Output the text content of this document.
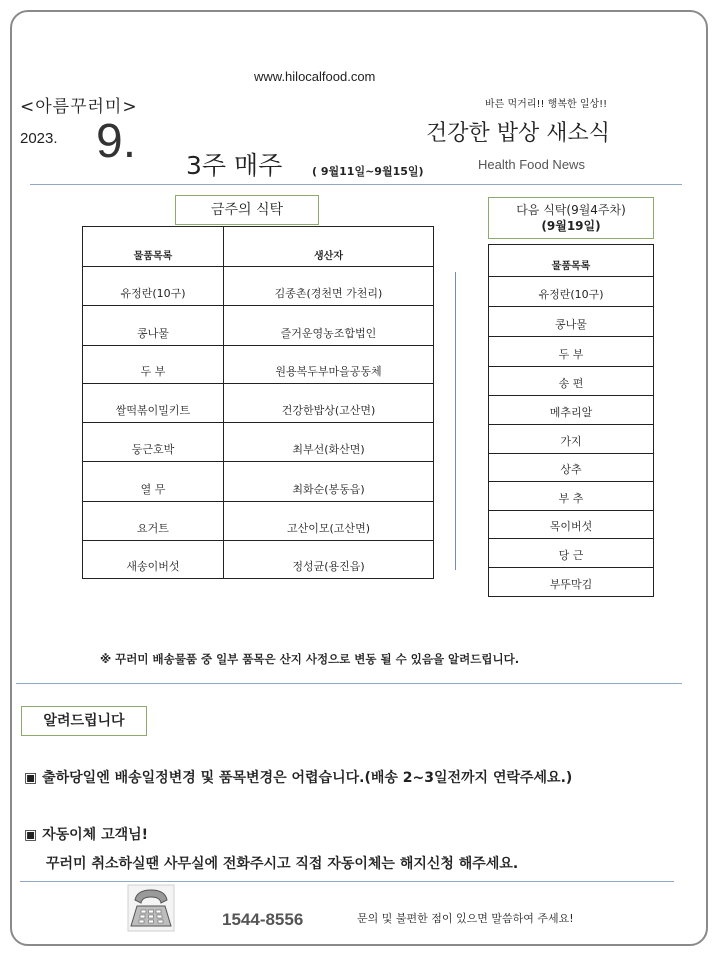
www.hilocalfood.com
<아름꾸러미>	바른 먹거리!! 행복한 일상!!
2023. 9. 3주 매주	( 9월11일~9월15일)
건강한 밥상 새소식
Health Food News
금주의 식탁
물품목록	생산자
유정란(10구)	김종촌(경천면 가천리)
콩나물	즐거운영농조합법인
두 부	원용복두부마을공동체
쌀떡볶이밀키트	건강한밥상(고산면)
둥근호박	최부선(화산면)
열 무	최화순(봉동읍)
요거트	고산이모(고산면)
새송이버섯	정성균(용진읍)
다음 식탁(9월4주차)
(9월19일)
물품목록
유정란(10구)
콩나물
두 부
송 편
메추리알
가지
상추
부 추
목이버섯
당 근
부뚜막김
※ 꾸러미 배송물품 중 일부 품목은 산지 사정으로 변동 될 수 있음을 알려드립니다.
알려드립니다
▣ 출하당일엔 배송일정변경 및 품목변경은 어렵습니다.(배송 2~3일전까지 연락주세요.)
▣ 자동이체 고객님!
꾸러미 취소하실땐 사무실에 전화주시고 직접 자동이체는 해지신청 해주세요.
1544-8556	문의 및 불편한 점이 있으면 말씀하여 주세요!
